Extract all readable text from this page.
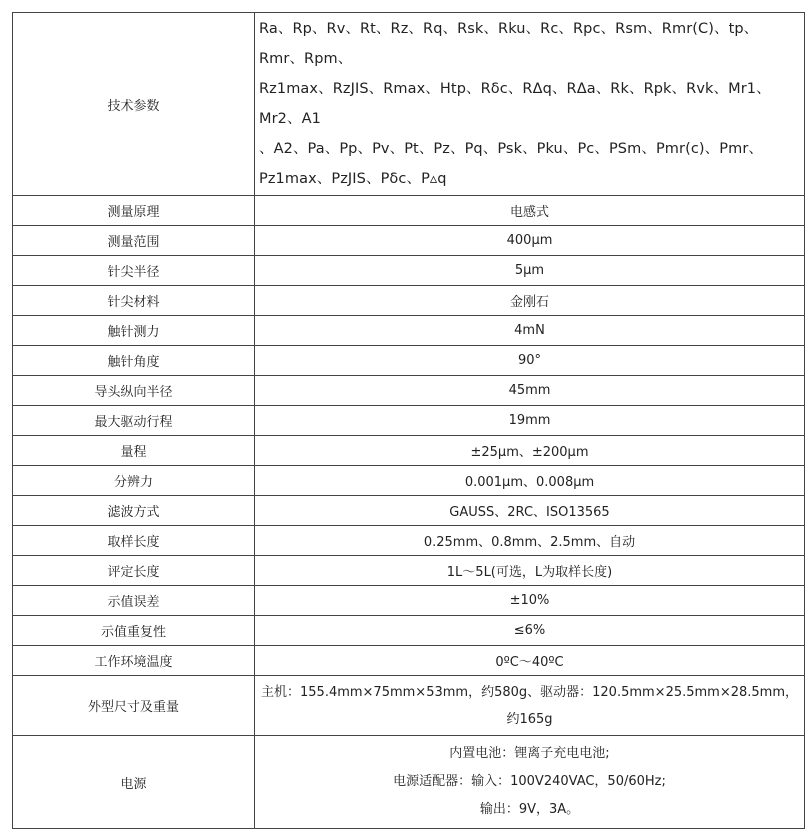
技术参数	Ra、Rp、Rv、Rt、Rz、Rq、Rsk、Rku、Rc、Rpc、Rsm、Rmr(C)、tp、Rmr、Rpm、
Rz1max、RzJIS、Rmax、Htp、Rδc、RΔq、RΔa、Rk、Rpk、Rvk、Mr1、Mr2、A1
、A2、Pa、Pp、Pv、Pt、Pz、Pq、Psk、Pku、Pc、PSm、Pmr(c)、Pmr、
Pz1max、PzJIS、Pδc、P▵q

测量原理	电感式
测量范围	400μm
针尖半径	5μm
针尖材料	金刚石
触针测力	4mN
触针角度	90°
导头纵向半径	45mm
最大驱动行程	19mm
量程	±25μm、±200μm
分辨力	0.001μm、0.008μm
滤波方式	GAUSS、2RC、ISO13565
取样长度	0.25mm、0.8mm、2.5mm、自动
评定长度	1L～5L(可选，L为取样长度)
示值误差	±10%
示值重复性	≤6%
工作环境温度	0ºC～40ºC
外型尺寸及重量	主机：155.4mm×75mm×53mm，约580g、驱动器：120.5mm×25.5mm×28.5mm，
约165g

电源	内置电池：锂离子充电电池;
电源适配器：输入：100V240VAC，50/60Hz;
输出：9V，3A。
